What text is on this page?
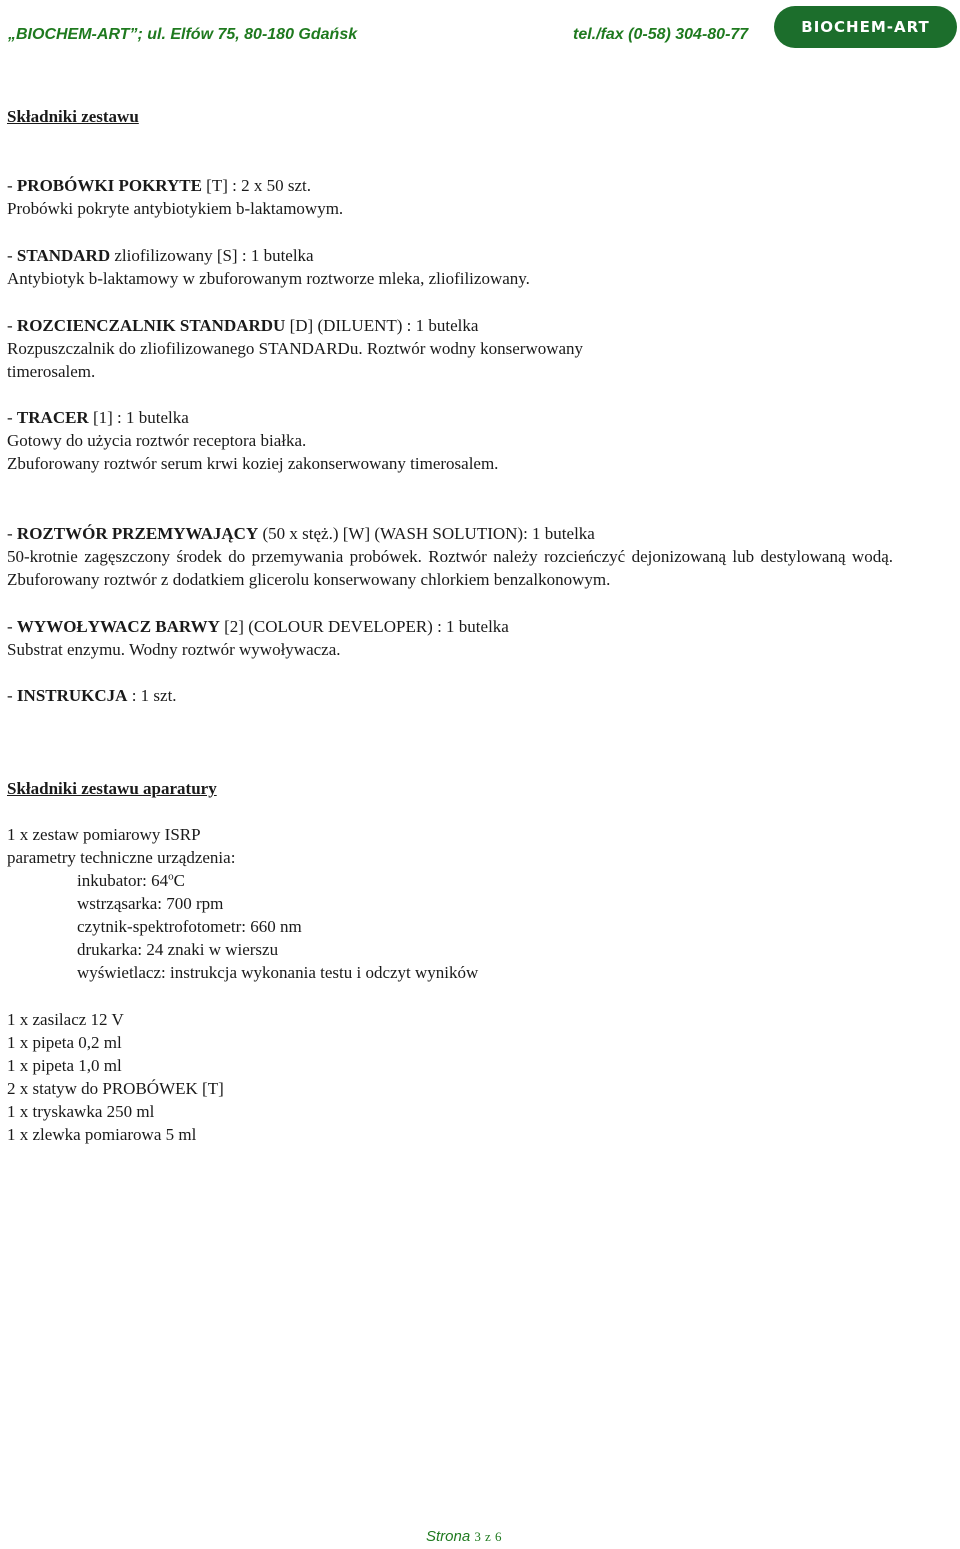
„BIOCHEM-ART”; ul. Elfów 75, 80-180 Gdańsk	tel./fax (0-58) 304-80-77	BIOCHEM-ART
Składniki zestawu
- PROBÓWKI POKRYTE [T] : 2 x 50 szt.
Probówki pokryte antybiotykiem b-laktamowym.
- STANDARD zliofilizowany [S] : 1 butelka
Antybiotyk b-laktamowy w zbuforowanym roztworze mleka, zliofilizowany.
- ROZCIENCZALNIK STANDARDU [D] (DILUENT) : 1 butelka
Rozpuszczalnik do zliofilizowanego STANDARDu. Roztwór wodny konserwowany
timerosalem.
- TRACER [1] : 1 butelka
Gotowy do użycia roztwór receptora białka.
Zbuforowany roztwór serum krwi koziej zakonserwowany timerosalem.
- ROZTWÓR PRZEMYWAJĄCY (50 x stęż.) [W] (WASH SOLUTION): 1 butelka
50-krotnie zagęszczony środek do przemywania probówek. Roztwór należy rozcieńczyć dejonizowaną lub destylowaną wodą. Zbuforowany roztwór z dodatkiem glicerolu konserwowany chlorkiem benzalkonowym.
- WYWOŁYWACZ BARWY [2] (COLOUR DEVELOPER) : 1 butelka
Substrat enzymu. Wodny roztwór wywoływacza.
- INSTRUKCJA : 1 szt.
Składniki zestawu aparatury
1 x zestaw pomiarowy ISRP
parametry techniczne urządzenia:
inkubator: 64$^o$C
wstrząsarka: 700 rpm
czytnik-spektrofotometr: 660 nm
drukarka: 24 znaki w wierszu
wyświetlacz: instrukcja wykonania testu i odczyt wyników
1 x zasilacz 12 V
1 x pipeta 0,2 ml
1 x pipeta 1,0 ml
2 x statyw do PROBÓWEK [T]
1 x tryskawka 250 ml
1 x zlewka pomiarowa 5 ml
Strona 3 z 6
